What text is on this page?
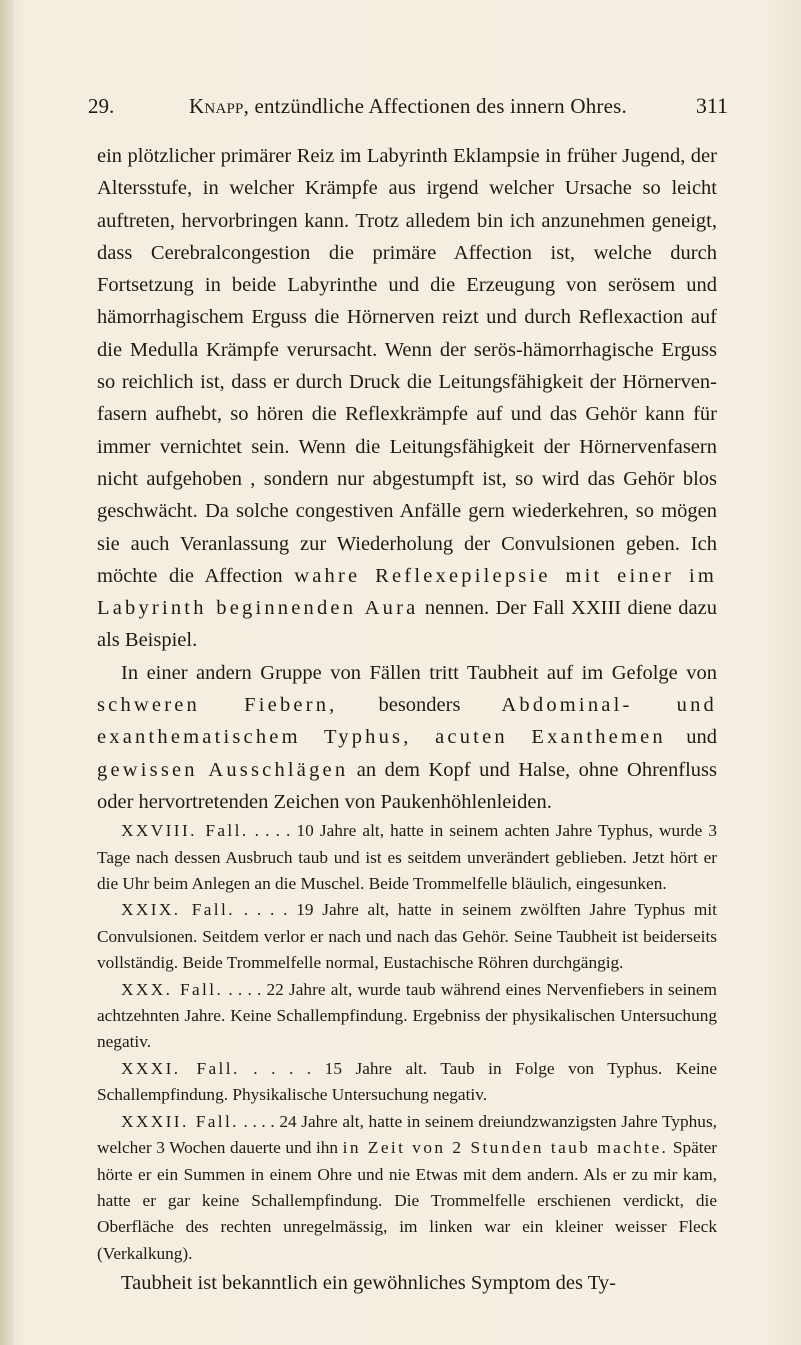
29.	Knapp, entzündliche Affectionen des innern Ohres.	311

ein plötzlicher primärer Reiz im Labyrinth Eklampsie in früher Jugend, der Altersstufe, in welcher Krämpfe aus irgend welcher Ursache so leicht auftreten, hervorbringen kann. Trotz alledem bin ich anzunehmen geneigt, dass Cerebralcongestion die primäre Affection ist, welche durch Fortsetzung in beide Labyrinthe und die Erzeugung von serösem und hämorrhagischem Erguss die Hörnerven reizt und durch Reflexaction auf die Medulla Krämpfe verursacht. Wenn der serös-hämorrhagische Erguss so reichlich ist, dass er durch Druck die Leitungsfähigkeit der Hörnervenfasern aufhebt, so hören die Reflexkrämpfe auf und das Gehör kann für immer vernichtet sein. Wenn die Leitungsfähigkeit der Hörnervenfasern nicht aufgehoben , sondern nur abgestumpft ist, so wird das Gehör blos geschwächt. Da solche congestiven Anfälle gern wiederkehren, so mögen sie auch Veranlassung zur Wiederholung der Convulsionen geben. Ich möchte die Affection wahre Reflexepilepsie mit einer im Labyrinth beginnenden Aura nennen. Der Fall XXIII diene dazu als Beispiel.

In einer andern Gruppe von Fällen tritt Taubheit auf im Gefolge von schweren Fiebern, besonders Abdominal- und exanthematischem Typhus, acuten Exanthemen und gewissen Ausschlägen an dem Kopf und Halse, ohne Ohrenfluss oder hervortretenden Zeichen von Paukenhöhlenleiden.

XXVIII. Fall. . . . . 10 Jahre alt, hatte in seinem achten Jahre Typhus, wurde 3 Tage nach dessen Ausbruch taub und ist es seitdem unverändert geblieben. Jetzt hört er die Uhr beim Anlegen an die Muschel. Beide Trommelfelle bläulich, eingesunken.

XXIX. Fall. . . . . 19 Jahre alt, hatte in seinem zwölften Jahre Typhus mit Convulsionen. Seitdem verlor er nach und nach das Gehör. Seine Taubheit ist beiderseits vollständig. Beide Trommelfelle normal, Eustachische Röhren durchgängig.

XXX. Fall. . . . . 22 Jahre alt, wurde taub während eines Nervenfiebers in seinem achtzehnten Jahre. Keine Schallempfindung. Ergebniss der physikalischen Untersuchung negativ.

XXXI. Fall. . . . . 15 Jahre alt. Taub in Folge von Typhus. Keine Schallempfindung. Physikalische Untersuchung negativ.

XXXII. Fall. . . . . 24 Jahre alt, hatte in seinem dreiundzwanzigsten Jahre Typhus, welcher 3 Wochen dauerte und ihn in Zeit von 2 Stunden taub machte. Später hörte er ein Summen in einem Ohre und nie Etwas mit dem andern. Als er zu mir kam, hatte er gar keine Schallempfindung. Die Trommelfelle erschienen verdickt, die Oberfläche des rechten unregelmässig, im linken war ein kleiner weisser Fleck (Verkalkung).

Taubheit ist bekanntlich ein gewöhnliches Symptom des Ty-
